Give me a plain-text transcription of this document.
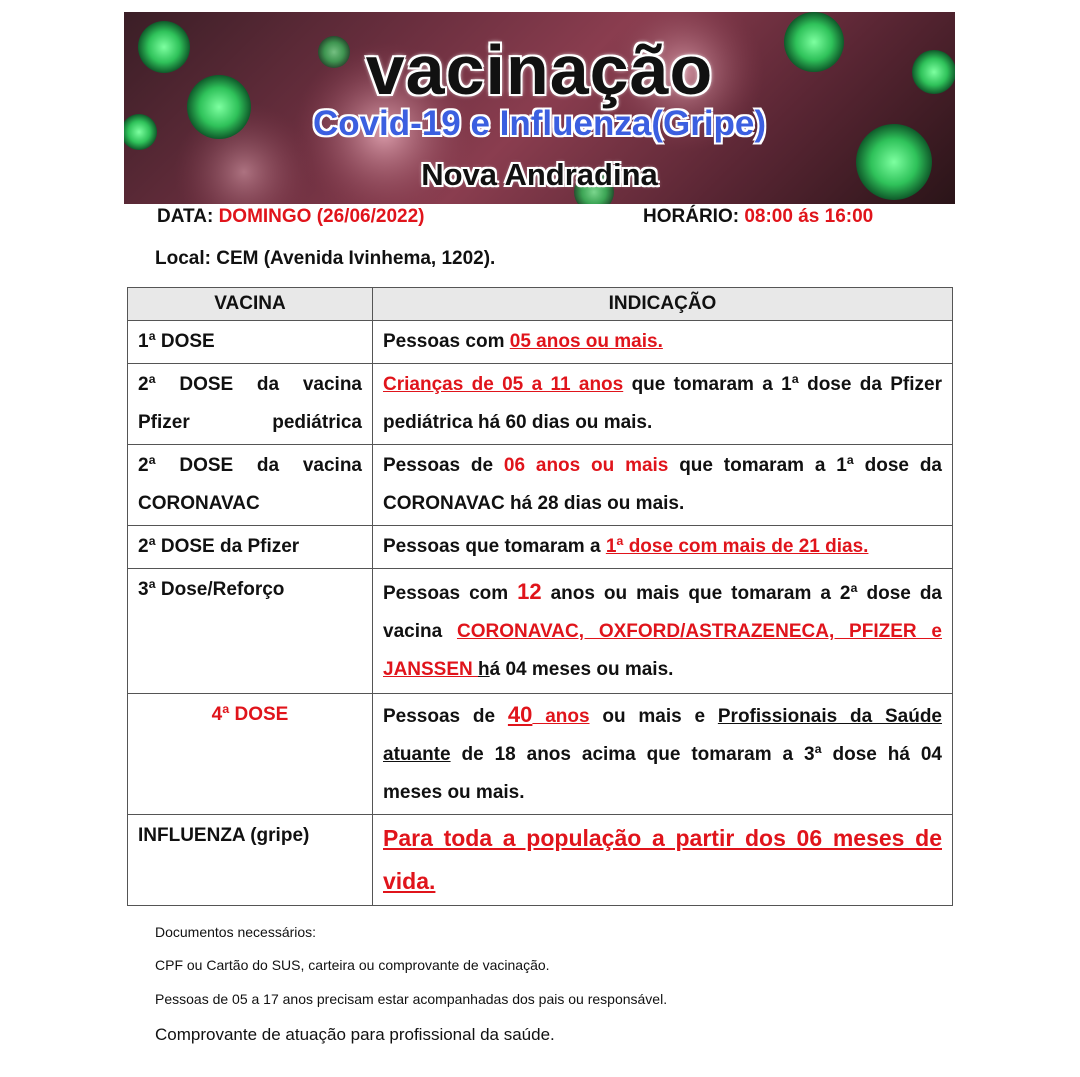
vacinação
Covid-19 e Influenza(Gripe)
Nova Andradina
DATA: DOMINGO (26/06/2022)	HORÁRIO: 08:00 ás 16:00
Local: CEM (Avenida Ivinhema, 1202).
VACINA	INDICAÇÃO
1ª DOSE	Pessoas com 05 anos ou mais.
2ª DOSE da vacina
Pfizer pediátrica	Crianças de 05 a 11 anos que tomaram a 1ª dose da Pfizer pediátrica há 60 dias ou mais.
2ª DOSE da vacina
CORONAVAC	Pessoas de 06 anos ou mais que tomaram a 1ª dose da CORONAVAC há 28 dias ou mais.
2ª DOSE da Pfizer	Pessoas que tomaram a 1ª dose com mais de 21 dias.
3ª Dose/Reforço	Pessoas com 12 anos ou mais que tomaram a 2ª dose da vacina CORONAVAC, OXFORD/ASTRAZENECA, PFIZER e JANSSEN há 04 meses ou mais.
4ª DOSE	Pessoas de 40 anos ou mais e Profissionais da Saúde atuante de 18 anos acima que tomaram a 3ª dose há 04 meses ou mais.
INFLUENZA (gripe)	Para toda a população a partir dos 06 meses de vida.
Documentos necessários:
CPF ou Cartão do SUS, carteira ou comprovante de vacinação.
Pessoas de 05 a 17 anos precisam estar acompanhadas dos pais ou responsável.
Comprovante de atuação para profissional da saúde.
